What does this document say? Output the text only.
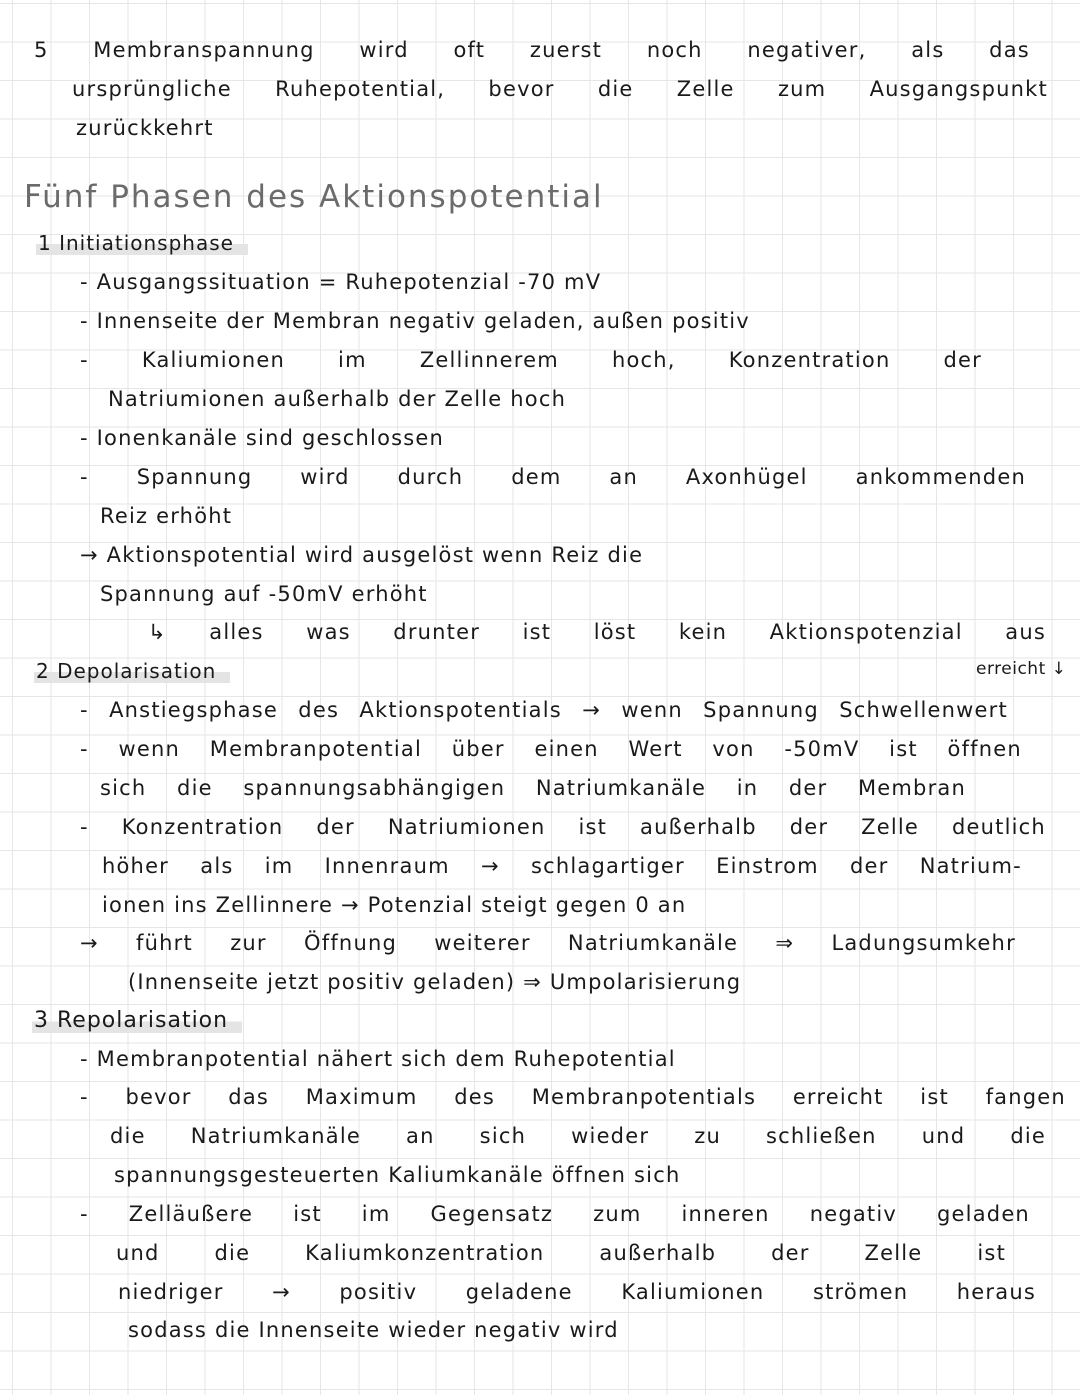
5 Membranspannung wird oft zuerst noch negativer, als das

ursprüngliche Ruhepotential, bevor die Zelle zum Ausgangspunkt

zurückkehrt

Fünf Phasen des Aktionspotential
1 Initiationsphase

- Ausgangssituation = Ruhepotenzial -70 mV

- Innenseite der Membran negativ geladen, außen positiv

-	Kaliumionen	im	Zellinnerem	hoch,	Konzentration	der

Natriumionen außerhalb der Zelle hoch

- Ionenkanäle sind geschlossen

- Spannung wird durch dem an Axonhügel ankommenden

Reiz erhöht

→ Aktionspotential wird ausgelöst wenn Reiz die

Spannung auf -50mV erhöht

↳ alles was drunter ist löst kein Aktionspotenzial aus

2 Depolarisation	erreicht ↓

- Anstiegsphase des Aktionspotentials → wenn Spannung Schwellenwert

- wenn Membranpotential über einen Wert von -50mV ist öffnen

sich die spannungsabhängigen Natriumkanäle in der Membran

- Konzentration der Natriumionen ist außerhalb der Zelle deutlich

höher als im Innenraum → schlagartiger Einstrom der Natrium-

ionen ins Zellinnere → Potenzial steigt gegen 0 an

→ führt zur Öffnung weiterer Natriumkanäle ⇒ Ladungsumkehr

(Innenseite jetzt positiv geladen) ⇒ Umpolarisierung

3 Repolarisation

- Membranpotential nähert sich dem Ruhepotential

- bevor das Maximum des Membranpotentials erreicht ist fangen

die Natriumkanäle an sich wieder zu schließen und die

spannungsgesteuerten Kaliumkanäle öffnen sich

- Zelläußere ist im Gegensatz zum inneren negativ geladen

und	die	Kaliumkonzentration	außerhalb	der	Zelle	ist

niedriger → positiv geladene Kaliumionen strömen heraus

sodass die Innenseite wieder negativ wird
